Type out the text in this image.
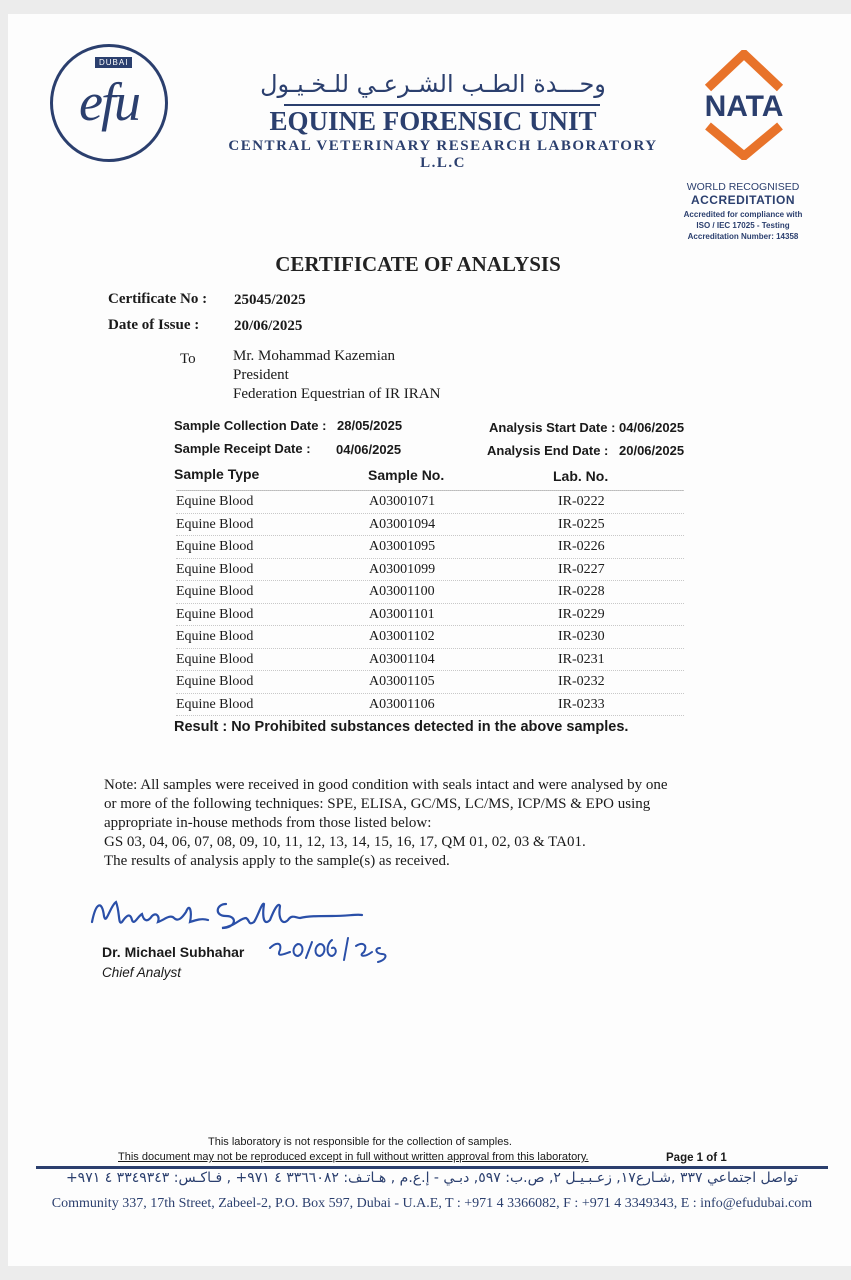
DUBAI
efu	وحـــدة الطـب الشـرعـي للـخـيـول
EQUINE FORENSIC UNIT
CENTRAL VETERINARY RESEARCH LABORATORY L.L.C
NATA
WORLD RECOGNISED
ACCREDITATION
Accredited for compliance with
ISO / IEC 17025 - Testing
Accreditation Number: 14358
CERTIFICATE OF ANALYSIS
Certificate No : 25045/2025
Date of Issue : 20/06/2025
To Mr. Mohammad Kazemian
President
Federation Equestrian of IR IRAN
Sample Collection Date : 28/05/2025
Sample Receipt Date : 04/06/2025
Analysis Start Date : 04/06/2025
Analysis End Date : 20/06/2025
Sample Type	Sample No.	Lab. No.
Equine Blood	A03001071	IR-0222
Equine Blood	A03001094	IR-0225
Equine Blood	A03001095	IR-0226
Equine Blood	A03001099	IR-0227
Equine Blood	A03001100	IR-0228
Equine Blood	A03001101	IR-0229
Equine Blood	A03001102	IR-0230
Equine Blood	A03001104	IR-0231
Equine Blood	A03001105	IR-0232
Equine Blood	A03001106	IR-0233
Result : No Prohibited substances detected in the above samples.
Note: All samples were received in good condition with seals intact and were analysed by one
or more of the following techniques: SPE, ELISA, GC/MS, LC/MS, ICP/MS & EPO using
appropriate in-house methods from those listed below:
GS 03, 04, 06, 07, 08, 09, 10, 11, 12, 13, 14, 15, 16, 17, QM 01, 02, 03 & TA01.
The results of analysis apply to the sample(s) as received.
Dr. Michael Subhahar
Chief Analyst
This laboratory is not responsible for the collection of samples.
This document may not be reproduced except in full without written approval from this laboratory.	Page 1 of 1
تواصل اجتماعي ٣٣٧ ,شـارع١٧, زعـبـيـل ٢, ص.ب: ٥٩٧, دبـي - إ.ع.م , هـاتـف: ٣٣٦٦٠٨٢ ٤ ٩٧١+ , فـاكـس: ٣٣٤٩٣٤٣ ٤ ٩٧١+
Community 337, 17th Street, Zabeel-2, P.O. Box 597, Dubai - U.A.E, T : +971 4 3366082, F : +971 4 3349343, E : info@efudubai.com
